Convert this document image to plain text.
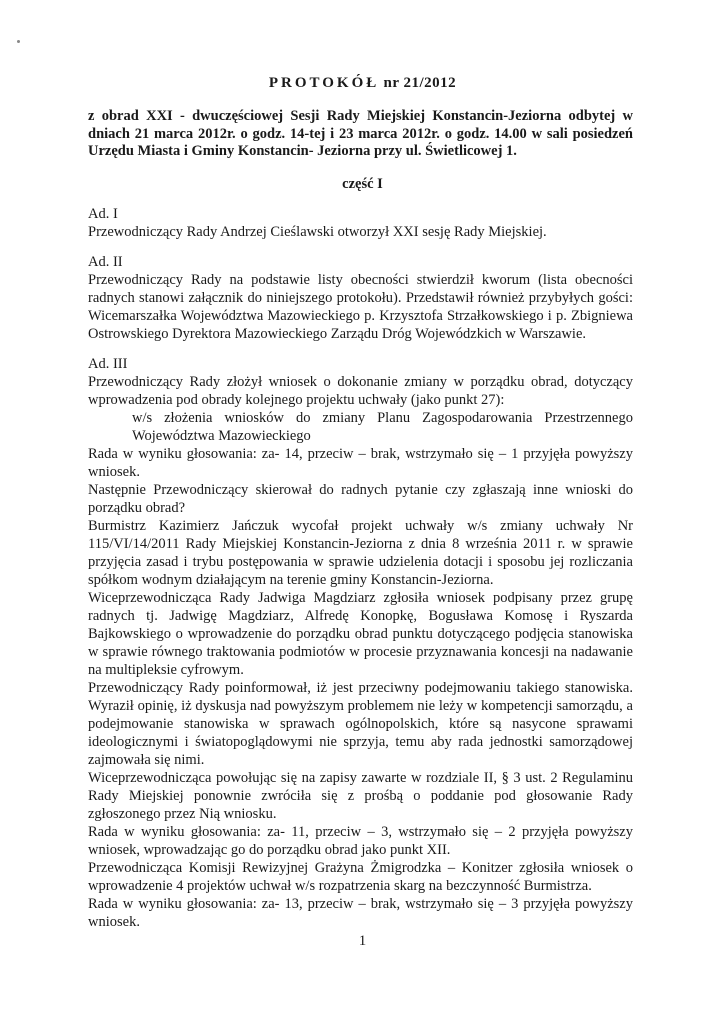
PROTOKÓŁ nr 21/2012
z obrad XXI - dwuczęściowej Sesji Rady Miejskiej Konstancin-Jeziorna odbytej w dniach 21 marca 2012r. o godz. 14-tej i 23 marca 2012r. o godz. 14.00 w sali posiedzeń Urzędu Miasta i Gminy Konstancin- Jeziorna przy ul. Świetlicowej 1.
część I

Ad. I

Przewodniczący Rady Andrzej Cieślawski otworzył XXI sesję Rady Miejskiej.

Ad. II

Przewodniczący Rady na podstawie listy obecności stwierdził kworum (lista obecności radnych stanowi załącznik do niniejszego protokołu). Przedstawił również przybyłych gości: Wicemarszałka Województwa Mazowieckiego p. Krzysztofa Strzałkowskiego i p. Zbigniewa Ostrowskiego Dyrektora Mazowieckiego Zarządu Dróg Wojewódzkich w Warszawie.

Ad. III

Przewodniczący Rady złożył wniosek o dokonanie zmiany w porządku obrad, dotyczący wprowadzenia pod obrady kolejnego projektu uchwały (jako punkt 27):

w/s złożenia wniosków do zmiany Planu Zagospodarowania Przestrzennego Województwa Mazowieckiego

Rada w wyniku głosowania: za- 14, przeciw – brak, wstrzymało się – 1 przyjęła powyższy wniosek.

Następnie Przewodniczący skierował do radnych pytanie czy zgłaszają inne wnioski do porządku obrad?

Burmistrz Kazimierz Jańczuk wycofał projekt uchwały w/s zmiany uchwały Nr 115/VI/14/2011 Rady Miejskiej Konstancin-Jeziorna z dnia 8 września 2011 r. w sprawie przyjęcia zasad i trybu postępowania w sprawie udzielenia dotacji i sposobu jej rozliczania spółkom wodnym działającym na terenie gminy Konstancin-Jeziorna.

Wiceprzewodnicząca Rady Jadwiga Magdziarz zgłosiła wniosek podpisany przez grupę radnych tj. Jadwigę Magdziarz, Alfredę Konopkę, Bogusława Komosę i Ryszarda Bajkowskiego o wprowadzenie do porządku obrad punktu dotyczącego podjęcia stanowiska w sprawie równego traktowania podmiotów w procesie przyznawania koncesji na nadawanie na multipleksie cyfrowym.

Przewodniczący Rady poinformował, iż jest przeciwny podejmowaniu takiego stanowiska. Wyraził opinię, iż dyskusja nad powyższym problemem nie leży w kompetencji samorządu, a podejmowanie stanowiska w sprawach ogólnopolskich, które są nasycone sprawami ideologicznymi i światopoglądowymi nie sprzyja, temu aby rada jednostki samorządowej zajmowała się nimi.

Wiceprzewodnicząca powołując się na zapisy zawarte w rozdziale II, § 3 ust. 2 Regulaminu Rady Miejskiej ponownie zwróciła się z prośbą o poddanie pod głosowanie Rady zgłoszonego przez Nią wniosku.

Rada w wyniku głosowania: za- 11, przeciw – 3, wstrzymało się – 2 przyjęła powyższy wniosek, wprowadzając go do porządku obrad jako punkt XII.

Przewodnicząca Komisji Rewizyjnej Grażyna Żmigrodzka – Konitzer zgłosiła wniosek o wprowadzenie 4 projektów uchwał w/s rozpatrzenia skarg na bezczynność Burmistrza.

Rada w wyniku głosowania: za- 13, przeciw – brak, wstrzymało się – 3 przyjęła powyższy wniosek.

1
